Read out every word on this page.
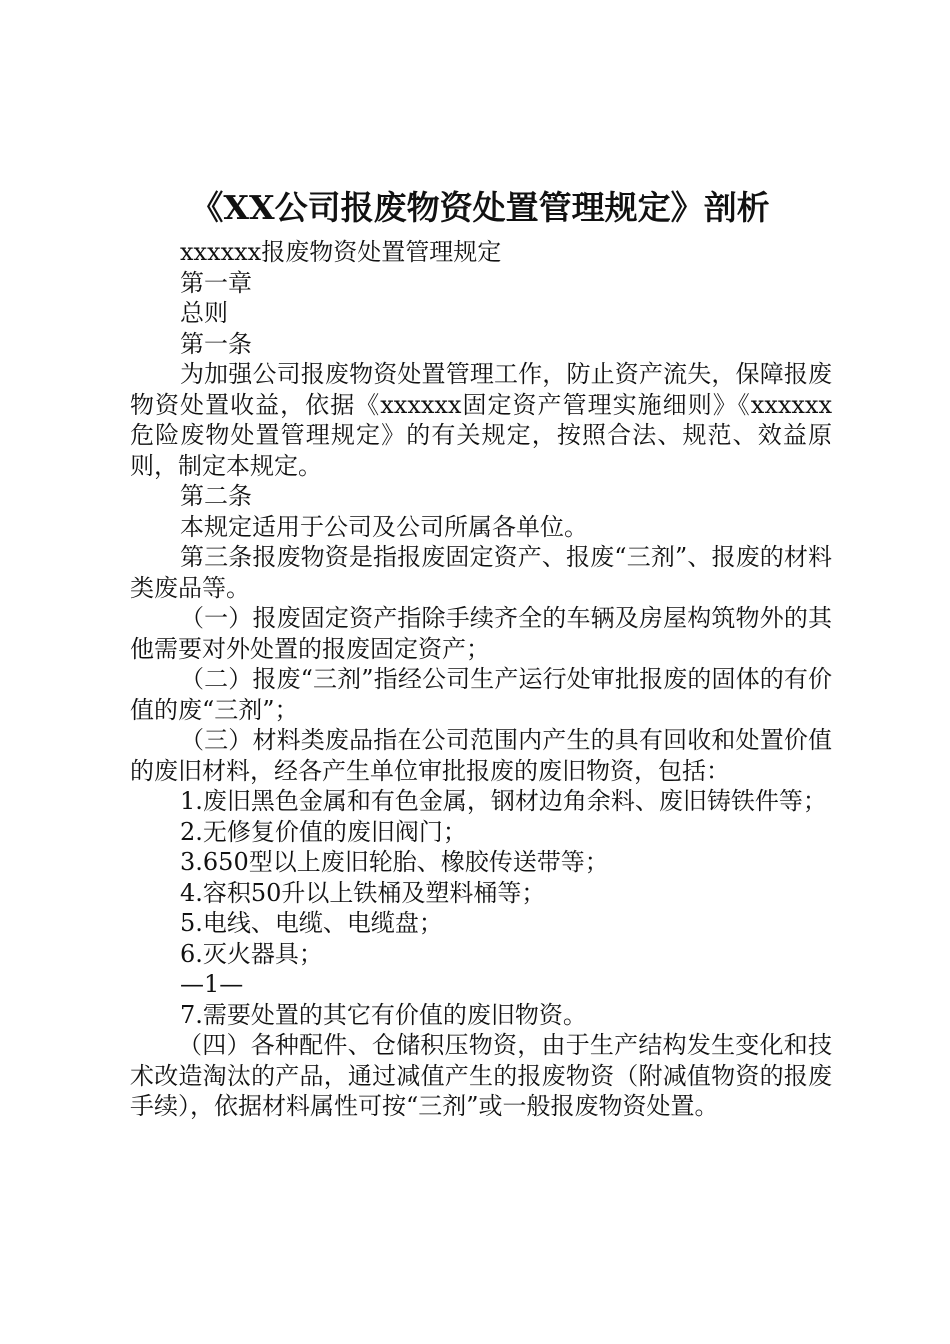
《XX公司报废物资处置管理规定》剖析

xxxxxx报废物资处置管理规定

第一章

总则

第一条

为加强公司报废物资处置管理工作，防止资产流失，保障报废物资处置收益，依据《xxxxxx固定资产管理实施细则》《xxxxxx危险废物处置管理规定》的有关规定，按照合法、规范、效益原则，制定本规定。

第二条

本规定适用于公司及公司所属各单位。

第三条报废物资是指报废固定资产、报废“三剂”、报废的材料类废品等。

（一）报废固定资产指除手续齐全的车辆及房屋构筑物外的其他需要对外处置的报废固定资产；

（二）报废“三剂”指经公司生产运行处审批报废的固体的有价值的废“三剂”；

（三）材料类废品指在公司范围内产生的具有回收和处置价值的废旧材料，经各产生单位审批报废的废旧物资，包括：

1.废旧黑色金属和有色金属，钢材边角余料、废旧铸铁件等；

2.无修复价值的废旧阀门；

3.650型以上废旧轮胎、橡胶传送带等；

4.容积50升以上铁桶及塑料桶等；

5.电线、电缆、电缆盘；

6.灭火器具；

—1—

7.需要处置的其它有价值的废旧物资。

（四）各种配件、仓储积压物资，由于生产结构发生变化和技术改造淘汰的产品，通过减值产生的报废物资（附减值物资的报废手续），依据材料属性可按“三剂”或一般报废物资处置。
